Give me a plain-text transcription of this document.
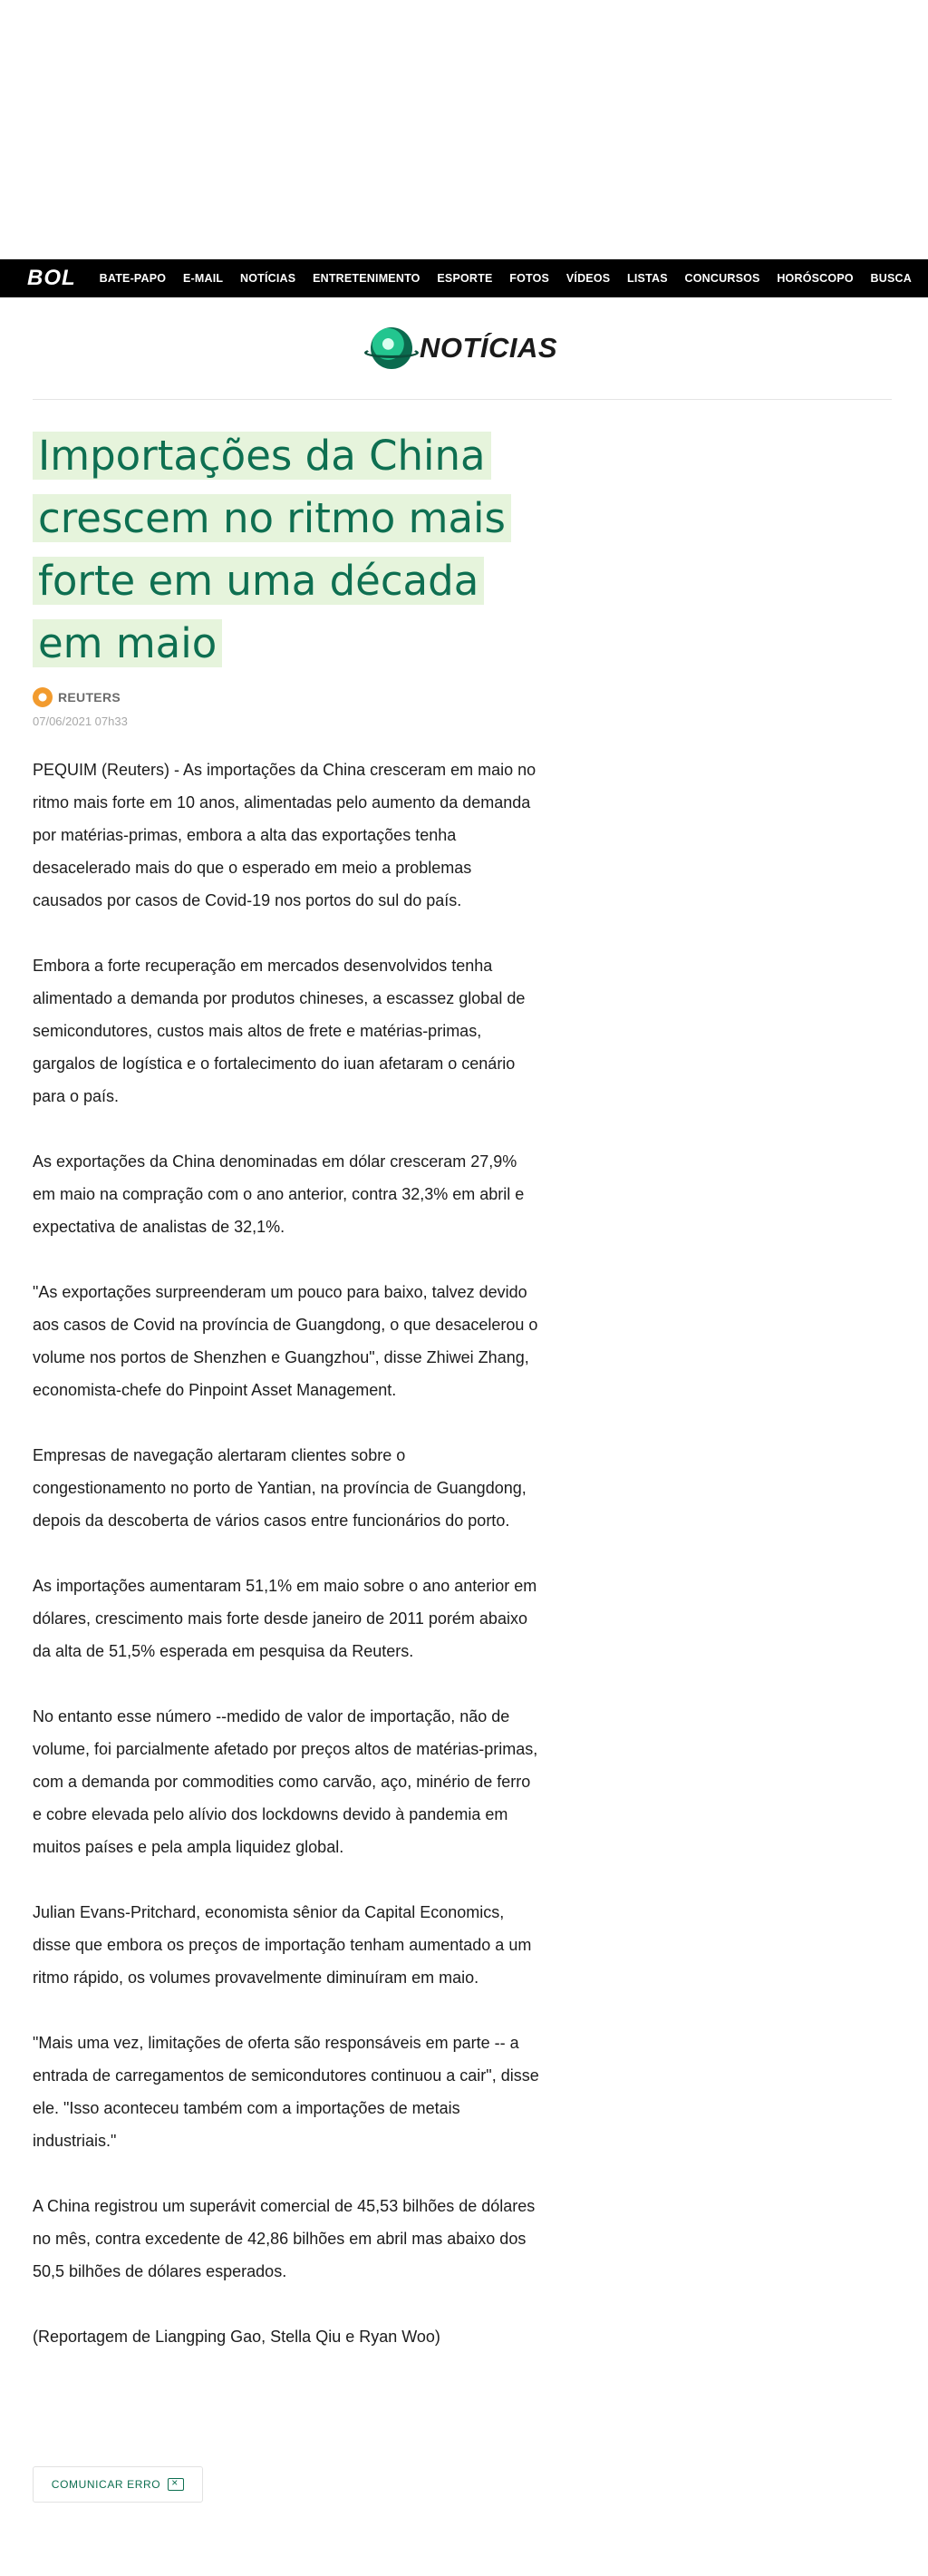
BOL BATE-PAPO E-MAIL NOTÍCIAS ENTRETENIMENTO ESPORTE FOTOS VÍDEOS LISTAS CONCURSOS HORÓSCOPO BUSCA
NOTÍCIAS
Importações da China crescem no ritmo mais forte em uma década em maio
REUTERS
07/06/2021 07h33

PEQUIM (Reuters) - As importações da China cresceram em maio no ritmo mais forte em 10 anos, alimentadas pelo aumento da demanda por matérias-primas, embora a alta das exportações tenha desacelerado mais do que o esperado em meio a problemas causados por casos de Covid-19 nos portos do sul do país.

Embora a forte recuperação em mercados desenvolvidos tenha alimentado a demanda por produtos chineses, a escassez global de semicondutores, custos mais altos de frete e matérias-primas, gargalos de logística e o fortalecimento do iuan afetaram o cenário para o país.

As exportações da China denominadas em dólar cresceram 27,9% em maio na compração com o ano anterior, contra 32,3% em abril e expectativa de analistas de 32,1%.

"As exportações surpreenderam um pouco para baixo, talvez devido aos casos de Covid na província de Guangdong, o que desacelerou o volume nos portos de Shenzhen e Guangzhou", disse Zhiwei Zhang, economista-chefe do Pinpoint Asset Management.

Empresas de navegação alertaram clientes sobre o congestionamento no porto de Yantian, na província de Guangdong, depois da descoberta de vários casos entre funcionários do porto.

As importações aumentaram 51,1% em maio sobre o ano anterior em dólares, crescimento mais forte desde janeiro de 2011 porém abaixo da alta de 51,5% esperada em pesquisa da Reuters.

No entanto esse número --medido de valor de importação, não de volume, foi parcialmente afetado por preços altos de matérias-primas, com a demanda por commodities como carvão, aço, minério de ferro e cobre elevada pelo alívio dos lockdowns devido à pandemia em muitos países e pela ampla liquidez global.

Julian Evans-Pritchard, economista sênior da Capital Economics, disse que embora os preços de importação tenham aumentado a um ritmo rápido, os volumes provavelmente diminuíram em maio.

"Mais uma vez, limitações de oferta são responsáveis em parte -- a entrada de carregamentos de semicondutores continuou a cair", disse ele. "Isso aconteceu também com a importações de metais industriais."

A China registrou um superávit comercial de 45,53 bilhões de dólares no mês, contra excedente de 42,86 bilhões em abril mas abaixo dos 50,5 bilhões de dólares esperados.

(Reportagem de Liangping Gao, Stella Qiu e Ryan Woo)

COMUNICAR ERRO
×
